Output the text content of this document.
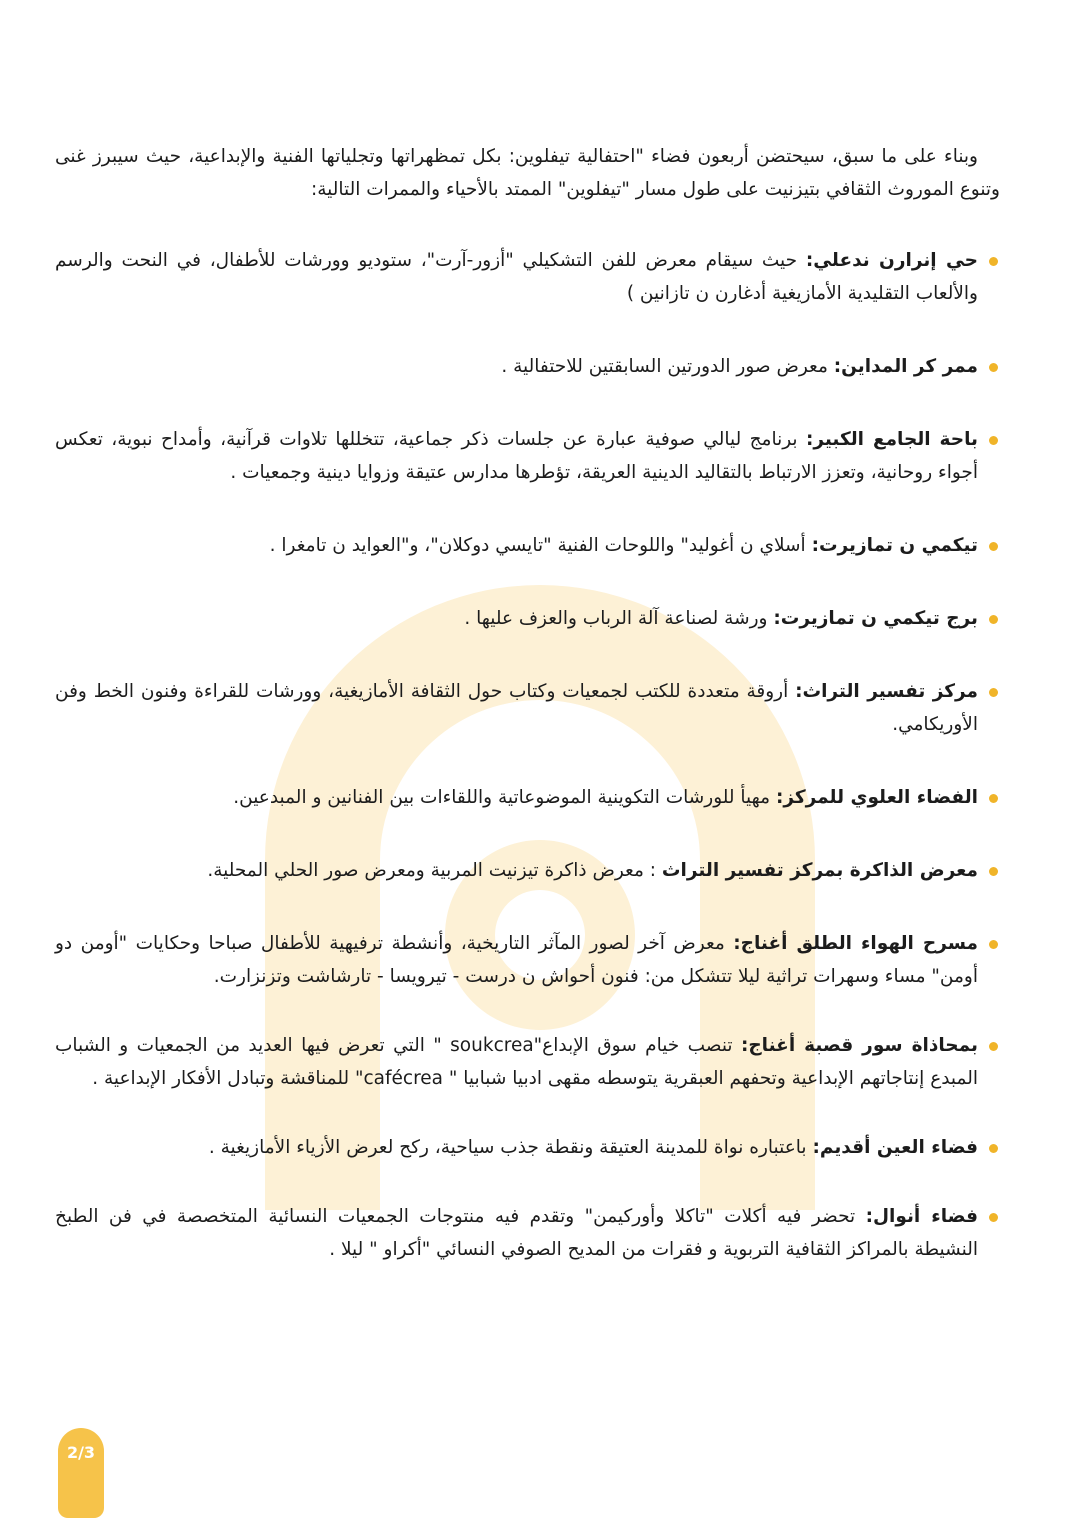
وبناء على ما سبق، سيحتضن أربعون فضاء "احتفالية تيفلوين: بكل تمظهراتها وتجلياتها الفنية والإبداعية، حيث سيبرز غنى وتنوع الموروث الثقافي بتيزنيت على طول مسار "تيفلوين" الممتد بالأحياء والممرات التالية:

حي إنرارن ندعلي: حيث سيقام معرض للفن التشكيلي "أزور-آرت"، ستوديو وورشات للأطفال، في النحت والرسم والألعاب التقليدية الأمازيغية أدغارن ن تازانين )

ممر كر المداين: معرض صور الدورتين السابقتين للاحتفالية .

باحة الجامع الكبير: برنامج ليالي صوفية عبارة عن جلسات ذكر جماعية، تتخللها تلاوات قرآنية، وأمداح نبوية، تعكس أجواء روحانية، وتعزز الارتباط بالتقاليد الدينية العريقة، تؤطرها مدارس عتيقة وزوايا دينية وجمعيات .

تيكمي ن تمازيرت: أسلاي ن أغوليد" واللوحات الفنية "تايسي دوكلان"، و"العوايد ن تامغرا .

برج تيكمي ن تمازيرت: ورشة لصناعة آلة الرباب والعزف عليها .

مركز تفسير التراث: أروقة متعددة للكتب لجمعيات وكتاب حول الثقافة الأمازيغية، وورشات للقراءة وفنون الخط وفن الأوريكامي.

الفضاء العلوي للمركز: مهيأ للورشات التكوينية الموضوعاتية واللقاءات بين الفنانين و المبدعين.

معرض الذاكرة بمركز تفسير التراث : معرض ذاكرة تيزنيت المربية ومعرض صور الحلي المحلية.

مسرح الهواء الطلق أغناج: معرض آخر لصور المآثر التاريخية، وأنشطة ترفيهية للأطفال صباحا وحكايات "أومن دو أومن" مساء وسهرات تراثية ليلا تتشكل من: فنون أحواش ن درست - تيرويسا - تارشاشت وتزنزارت.

بمحاذاة سور قصبة أغناج: تنصب خيام سوق الإبداع"soukcrea " التي تعرض فيها العديد من الجمعيات و الشباب المبدع إنتاجاتهم الإبداعية وتحفهم العبقرية يتوسطه مقهى ادبيا شبابيا " cafécrea" للمناقشة وتبادل الأفكار الإبداعية .

فضاء العين أقديم: باعتباره نواة للمدينة العتيقة ونقطة جذب سياحية، ركح لعرض الأزياء الأمازيغية .

فضاء أنوال: تحضر فيه أكلات "تاكلا وأوركيمن" وتقدم فيه منتوجات الجمعيات النسائية المتخصصة في فن الطبخ النشيطة بالمراكز الثقافية التربوية و فقرات من المديح الصوفي النسائي "أكراو " ليلا .

2/3
